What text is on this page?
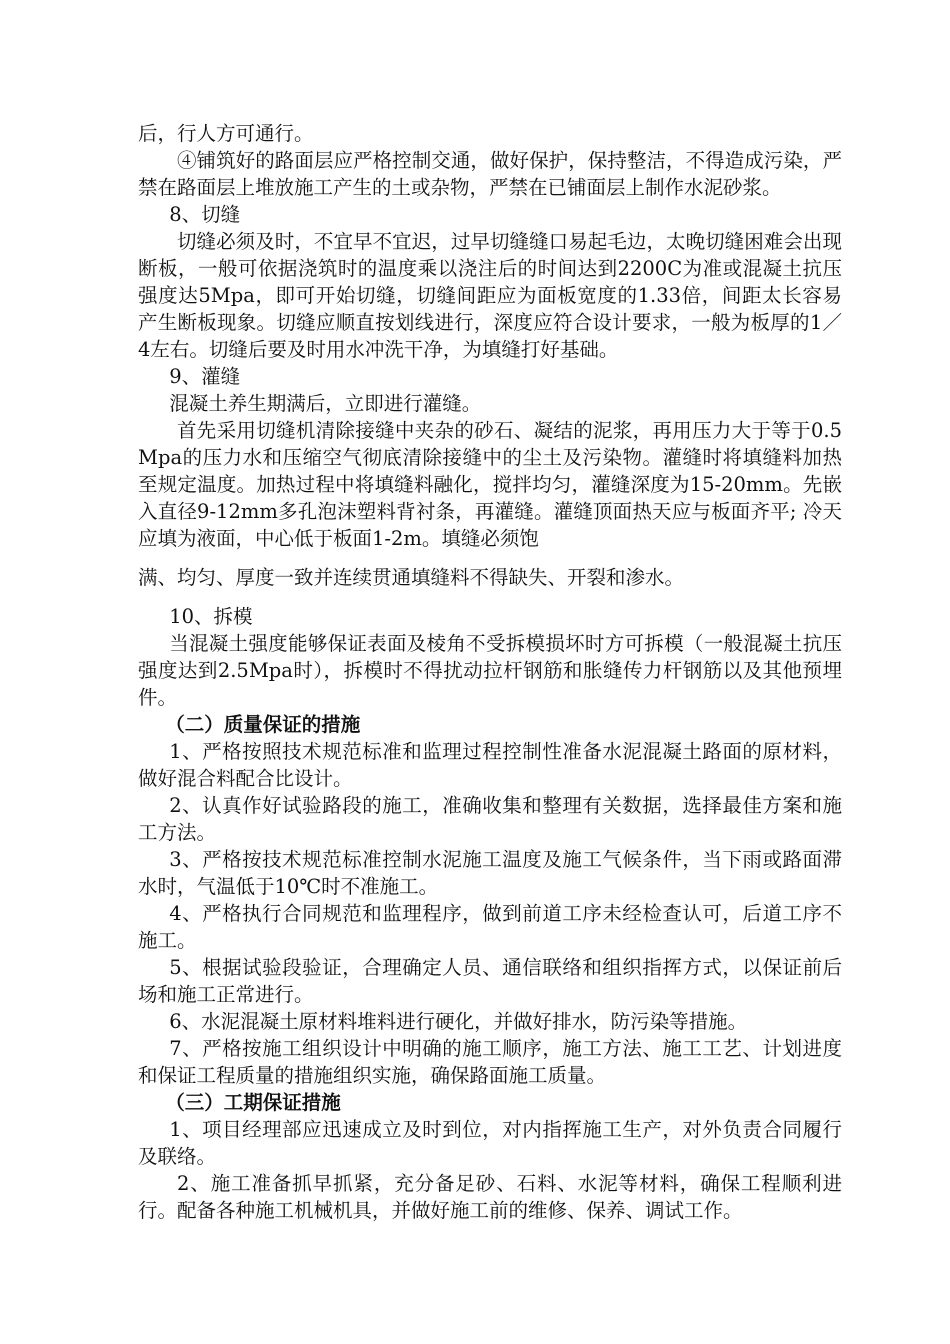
后，行人方可通行。

④铺筑好的路面层应严格控制交通，做好保护，保持整洁，不得造成污染，严禁在路面层上堆放施工产生的土或杂物，严禁在已铺面层上制作水泥砂浆。

8、切缝

切缝必须及时，不宜早不宜迟，过早切缝缝口易起毛边，太晚切缝困难会出现断板，一般可依据浇筑时的温度乘以浇注后的时间达到2200C为准或混凝土抗压强度达5Mpa，即可开始切缝，切缝间距应为面板宽度的1.33倍，间距太长容易产生断板现象。切缝应顺直按划线进行，深度应符合设计要求，一般为板厚的1／4左右。切缝后要及时用水冲洗干净，为填缝打好基础。

9、灌缝

混凝土养生期满后，立即进行灌缝。

首先采用切缝机清除接缝中夹杂的砂石、凝结的泥浆，再用压力大于等于0.5Mpa的压力水和压缩空气彻底清除接缝中的尘土及污染物。灌缝时将填缝料加热至规定温度。加热过程中将填缝料融化，搅拌均匀，灌缝深度为15-20mm。先嵌入直径9-12mm多孔泡沫塑料背衬条，再灌缝。灌缝顶面热天应与板面齐平; 冷天应填为液面，中心低于板面1-2m。填缝必须饱

满、均匀、厚度一致并连续贯通填缝料不得缺失、开裂和渗水。

10、拆模

当混凝土强度能够保证表面及棱角不受拆模损坏时方可拆模（一般混凝土抗压强度达到2.5Mpa时），拆模时不得扰动拉杆钢筋和胀缝传力杆钢筋以及其他预埋件。

（二）质量保证的措施

1、严格按照技术规范标准和监理过程控制性准备水泥混凝土路面的原材料，做好混合料配合比设计。

2、认真作好试验路段的施工，准确收集和整理有关数据，选择最佳方案和施工方法。

3、严格按技术规范标准控制水泥施工温度及施工气候条件，当下雨或路面滞水时，气温低于10℃时不准施工。

4、严格执行合同规范和监理程序，做到前道工序未经检查认可，后道工序不施工。

5、根据试验段验证，合理确定人员、通信联络和组织指挥方式，以保证前后场和施工正常进行。

6、水泥混凝土原材料堆料进行硬化，并做好排水，防污染等措施。

7、严格按施工组织设计中明确的施工顺序，施工方法、施工工艺、计划进度和保证工程质量的措施组织实施，确保路面施工质量。

（三）工期保证措施

1、项目经理部应迅速成立及时到位，对内指挥施工生产，对外负责合同履行及联络。

2、施工准备抓早抓紧，充分备足砂、石料、水泥等材料，确保工程顺利进行。配备各种施工机械机具，并做好施工前的维修、保养、调试工作。
